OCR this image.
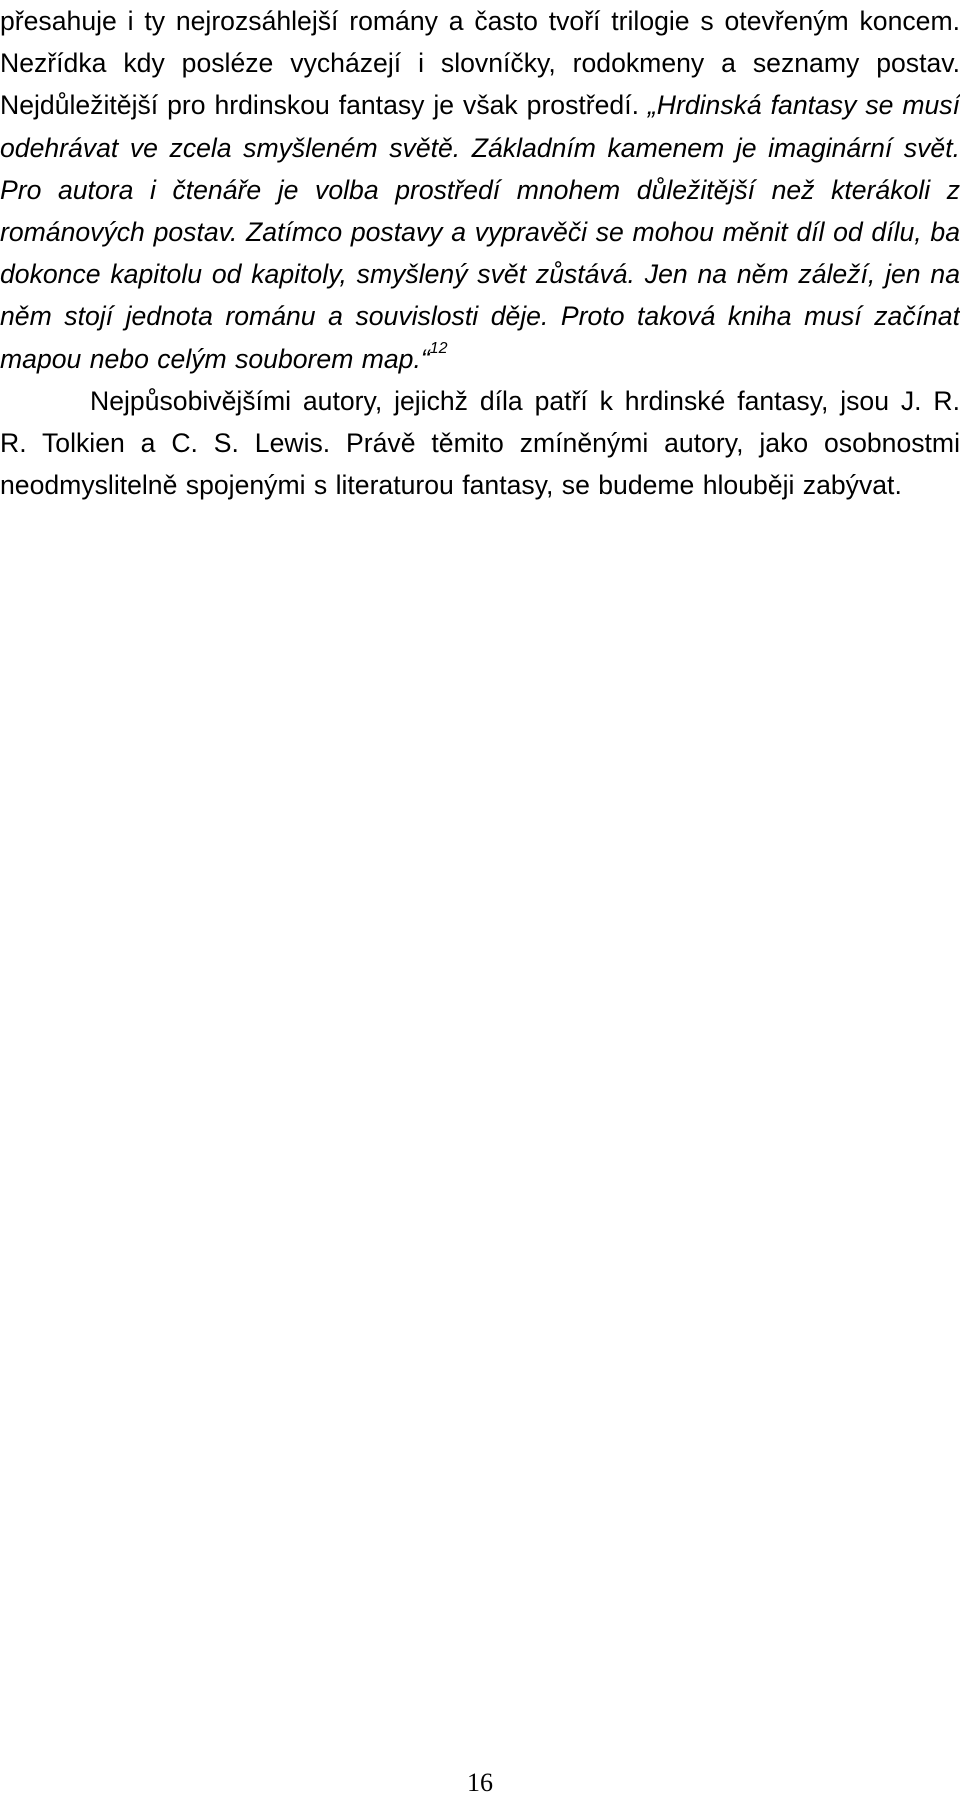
přesahuje i ty nejrozsáhlejší romány a často tvoří trilogie s otevřeným koncem. Nezřídka kdy posléze vycházejí i slovníčky, rodokmeny a seznamy postav. Nejdůležitější pro hrdinskou fantasy je však prostředí. „Hrdinská fantasy se musí odehrávat ve zcela smyšleném světě. Základním kamenem je imaginární svět. Pro autora i čtenáře je volba prostředí mnohem důležitější než kterákoli z románových postav. Zatímco postavy a vypravěči se mohou měnit díl od dílu, ba dokonce kapitolu od kapitoly, smyšlený svět zůstává. Jen na něm záleží, jen na něm stojí jednota románu a souvislosti děje. Proto taková kniha musí začínat mapou nebo celým souborem map.“$^{12}$

Nejpůsobivějšími autory, jejichž díla patří k hrdinské fantasy, jsou J. R. R. Tolkien a C. S. Lewis. Právě těmito zmíněnými autory, jako osobnostmi neodmyslitelně spojenými s literaturou fantasy, se budeme hlouběji zabývat.

16
